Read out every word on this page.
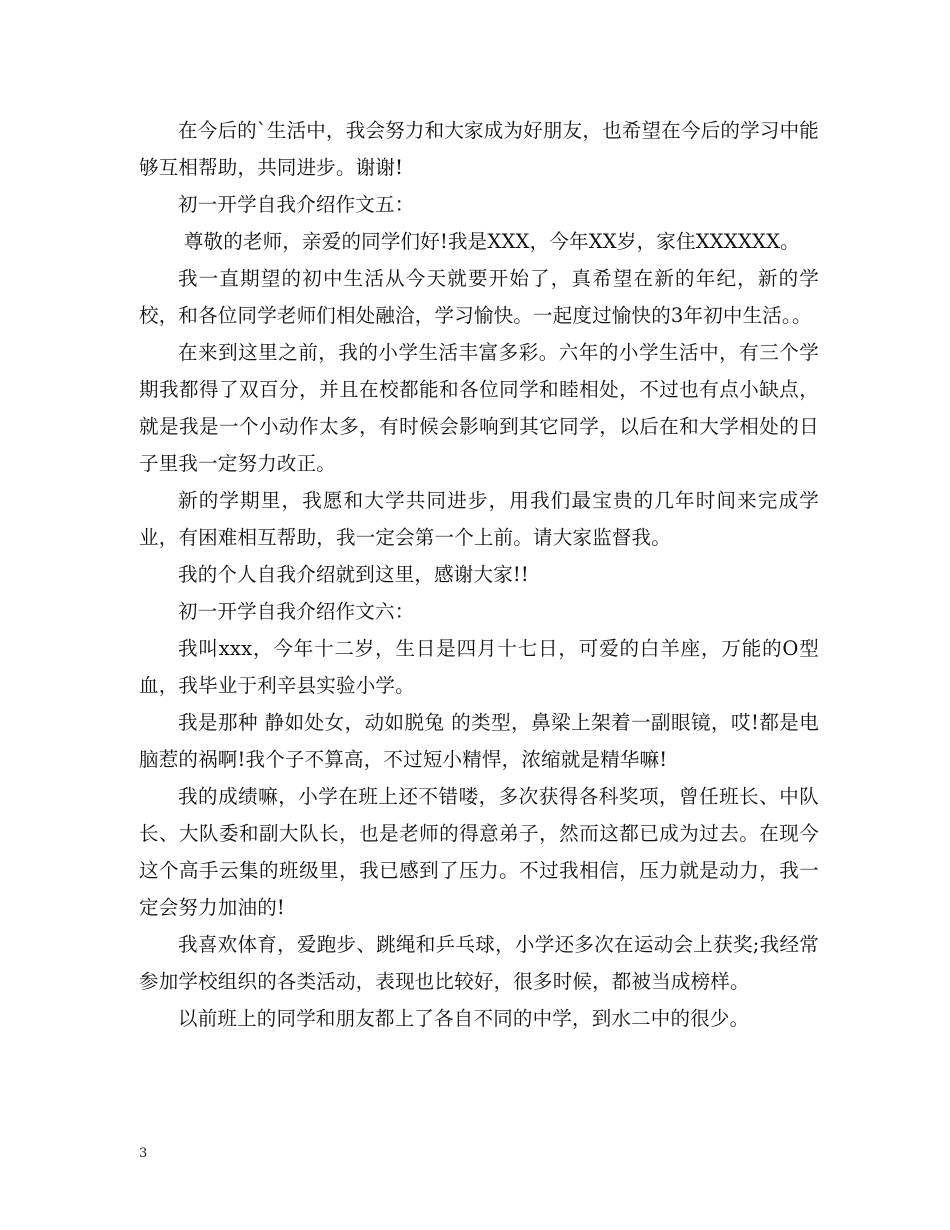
在今后的`生活中，我会努力和大家成为好朋友，也希望在今后的学习中能够互相帮助，共同进步。谢谢!

初一开学自我介绍作文五：

尊敬的老师，亲爱的同学们好!我是XXX，今年XX岁，家住XXXXXX。

我一直期望的初中生活从今天就要开始了，真希望在新的年纪，新的学校，和各位同学老师们相处融洽，学习愉快。一起度过愉快的3年初中生活。。

在来到这里之前，我的小学生活丰富多彩。六年的小学生活中，有三个学期我都得了双百分，并且在校都能和各位同学和睦相处，不过也有点小缺点，就是我是一个小动作太多，有时候会影响到其它同学，以后在和大学相处的日子里我一定努力改正。

新的学期里，我愿和大学共同进步，用我们最宝贵的几年时间来完成学业，有困难相互帮助，我一定会第一个上前。请大家监督我。

我的个人自我介绍就到这里，感谢大家!!

初一开学自我介绍作文六：

我叫xxx，今年十二岁，生日是四月十七日，可爱的白羊座，万能的O型血，我毕业于利辛县实验小学。

我是那种 静如处女，动如脱兔 的类型，鼻梁上架着一副眼镜，哎!都是电脑惹的祸啊!我个子不算高，不过短小精悍，浓缩就是精华嘛!

我的成绩嘛，小学在班上还不错喽，多次获得各科奖项，曾任班长、中队长、大队委和副大队长，也是老师的得意弟子，然而这都已成为过去。在现今这个高手云集的班级里，我已感到了压力。不过我相信，压力就是动力，我一定会努力加油的!

我喜欢体育，爱跑步、跳绳和乒乓球，小学还多次在运动会上获奖;我经常参加学校组织的各类活动，表现也比较好，很多时候，都被当成榜样。

以前班上的同学和朋友都上了各自不同的中学，到水二中的很少。

3
